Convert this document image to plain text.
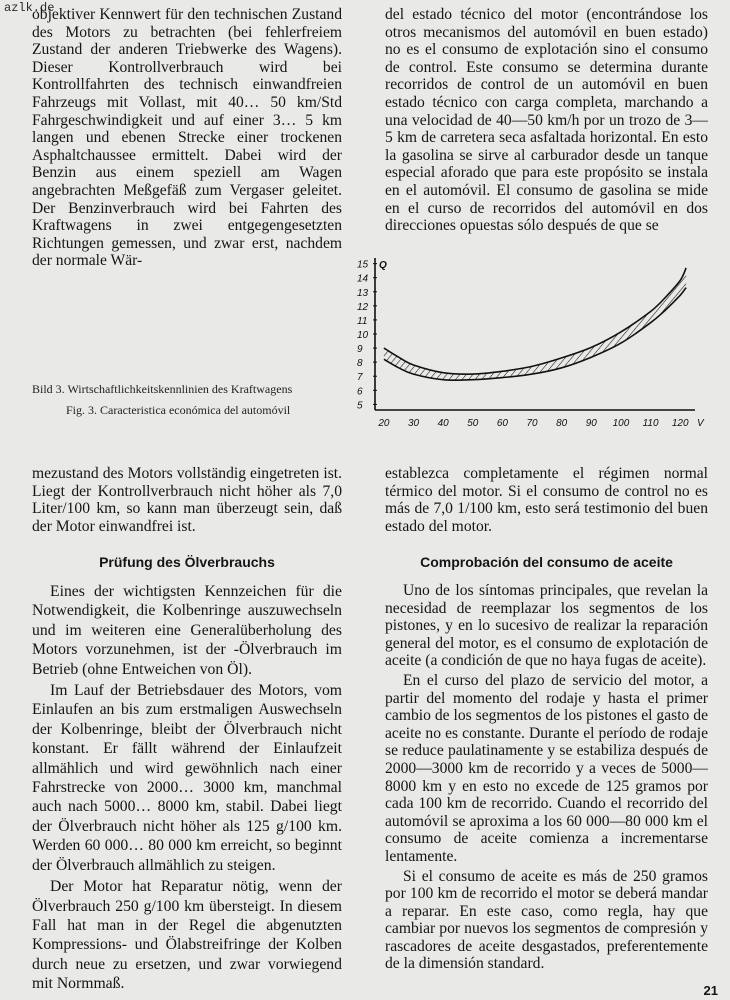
azlk.de

objektiver Kennwert für den technischen Zustand des Motors zu betrachten (bei fehlerfreiem Zustand der anderen Triebwerke des Wagens). Dieser Kontrollverbrauch wird bei Kontrollfahrten des technisch einwandfreien Fahrzeugs mit Vollast, mit 40… 50 km/Std Fahrgeschwindigkeit und auf einer 3… 5 km langen und ebenen Strecke einer trockenen Asphaltchaussee ermittelt. Dabei wird der Benzin aus einem speziell am Wagen angebrachten Meßgefäß zum Vergaser geleitet. Der Benzinverbrauch wird bei Fahrten des Kraftwagens in zwei entgegengesetzten Richtungen gemessen, und zwar erst, nachdem der normale Wär-

del estado técnico del motor (encontrándose los otros mecanismos del automóvil en buen estado) no es el consumo de explotación sino el consumo de control. Este consumo se determina durante recorridos de control de un automóvil en buen estado técnico con carga completa, marchando a una velocidad de 40—50 km/h por un trozo de 3—5 km de carretera seca asfaltada horizontal. En esto la gasolina se sirve al carburador desde un tanque especial aforado que para este propósito se instala en el automóvil. El consumo de gasolina se mide en el curso de recorridos del automóvil en dos direcciones opuestas sólo después de que se

Bild 3. Wirtschaftlichkeitskennlinien des Kraftwagens
Fig. 3. Caracteristica económica del automóvil	5
6
7
8
9
10
11
12
13
14
15
20 30 40 50 60 70 80 90 100 110 120
Q
V

mezustand des Motors vollständig eingetreten ist. Liegt der Kontrollverbrauch nicht höher als 7,0 Liter/100 km, so kann man überzeugt sein, daß der Motor einwandfrei ist.

establezca completamente el régimen normal térmico del motor. Si el consumo de control no es más de 7,0 1/100 km, esto será testimonio del buen estado del motor.

Prüfung des Ölverbrauchs	Comprobación del consumo de aceite

Eines der wichtigsten Kennzeichen für die Notwendigkeit, die Kolbenringe auszuwechseln und im weiteren eine Generalüberholung des Motors vorzunehmen, ist der -Ölverbrauch im Betrieb (ohne Entweichen von Öl).

Im Lauf der Betriebsdauer des Motors, vom Einlaufen an bis zum erstmaligen Auswechseln der Kolbenringe, bleibt der Ölverbrauch nicht konstant. Er fällt während der Einlaufzeit allmählich und wird gewöhnlich nach einer Fahrstrecke von 2000… 3000 km, manchmal auch nach 5000… 8000 km, stabil. Dabei liegt der Ölverbrauch nicht höher als 125 g/100 km. Werden 60 000… 80 000 km erreicht, so beginnt der Ölverbrauch allmählich zu steigen.

Der Motor hat Reparatur nötig, wenn der Ölverbrauch 250 g/100 km übersteigt. In diesem Fall hat man in der Regel die abgenutzten Kompressions- und Ölabstreifringe der Kolben durch neue zu ersetzen, und zwar vorwiegend mit Normmaß.

Uno de los síntomas principales, que revelan la necesidad de reemplazar los segmentos de los pistones, y en lo sucesivo de realizar la reparación general del motor, es el consumo de explotación de aceite (a condición de que no haya fugas de aceite).

En el curso del plazo de servicio del motor, a partir del momento del rodaje y hasta el primer cambio de los segmentos de los pistones el gasto de aceite no es constante. Durante el período de rodaje se reduce paulatinamente y se estabiliza después de 2000—3000 km de recorrido y a veces de 5000—8000 km y en esto no excede de 125 gramos por cada 100 km de recorrido. Cuando el recorrido del automóvil se aproxima a los 60 000—80 000 km el consumo de aceite comienza a incrementarse lentamente.

Si el consumo de aceite es más de 250 gramos por 100 km de recorrido el motor se deberá mandar a reparar. En este caso, como regla, hay que cambiar por nuevos los segmentos de compresión y rascadores de aceite desgastados, preferentemente de la dimensión standard.

21
